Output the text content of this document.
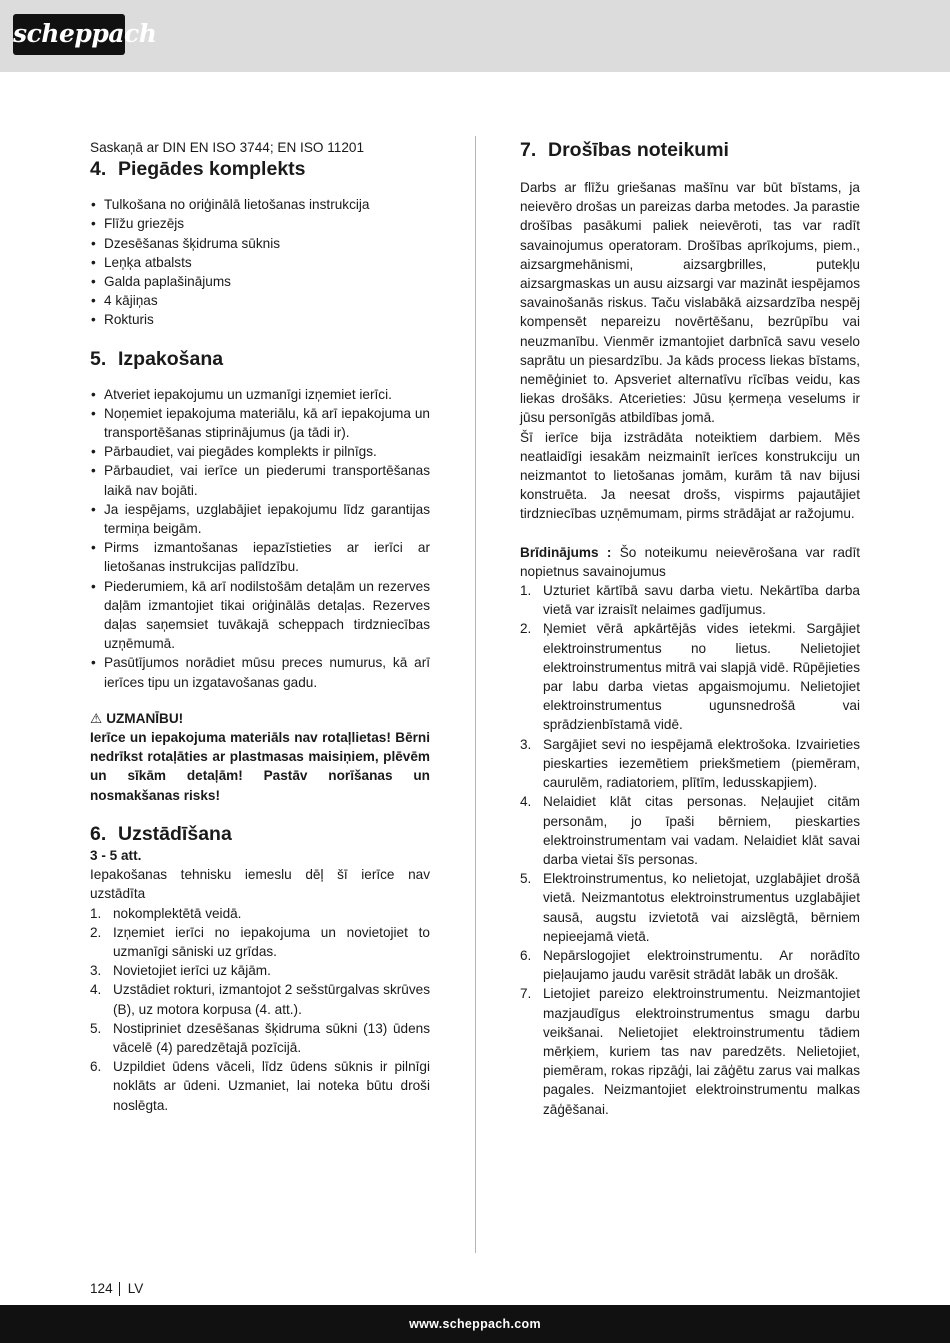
scheppach

Saskaņā ar DIN EN ISO 3744; EN ISO 11201

4. Piegādes komplekts
• Tulkošana no oriģinālā lietošanas instrukcija
• Flīžu griezējs
• Dzesēšanas šķidruma sūknis
• Leņķa atbalsts
• Galda paplašinājums
• 4 kājiņas
• Rokturis
5. Izpakošana
• Atveriet iepakojumu un uzmanīgi izņemiet ierīci.
• Noņemiet iepakojuma materiālu, kā arī iepakojuma un transportēšanas stiprinājumus (ja tādi ir).
• Pārbaudiet, vai piegādes komplekts ir pilnīgs.
• Pārbaudiet, vai ierīce un piederumi transportēšanas laikā nav bojāti.
• Ja iespējams, uzglabājiet iepakojumu līdz garantijas termiņa beigām.
• Pirms izmantošanas iepazīstieties ar ierīci ar lietošanas instrukcijas palīdzību.
• Piederumiem, kā arī nodilstošām detaļām un rezerves daļām izmantojiet tikai oriģinālās detaļas. Rezerves daļas saņemsiet tuvākajā scheppach tirdzniecības uzņēmumā.
• Pasūtījumos norādiet mūsu preces numurus, kā arī ierīces tipu un izgatavošanas gadu.

⚠ UZMANĪBU!

Ierīce un iepakojuma materiāls nav rotaļlietas! Bērni nedrīkst rotaļāties ar plastmasas maisiņiem, plēvēm un sīkām detaļām! Pastāv norīšanas un nosmakšanas risks!

6. Uzstādīšana

3 - 5 att.

Iepakošanas tehnisku iemeslu dēļ šī ierīce nav uzstādīta

1. nokomplektētā veidā.
2. Izņemiet ierīci no iepakojuma un novietojiet to uzmanīgi sāniski uz grīdas.
3. Novietojiet ierīci uz kājām.
4. Uzstādiet rokturi, izmantojot 2 sešstūrgalvas skrūves (B), uz motora korpusa (4. att.).
5. Nostipriniet dzesēšanas šķidruma sūkni (13) ūdens vācelē (4) paredzētajā pozīcijā.
6. Uzpildiet ūdens vāceli, līdz ūdens sūknis ir pilnīgi noklāts ar ūdeni. Uzmaniet, lai noteka būtu droši noslēgta.
7. Drošības noteikumi

Darbs ar flīžu griešanas mašīnu var būt bīstams, ja neievēro drošas un pareizas darba metodes. Ja parastie drošības pasākumi paliek neievēroti, tas var radīt savainojumus operatoram. Drošības aprīkojums, piem., aizsargmehānismi, aizsargbrilles, putekļu aizsargmaskas un ausu aizsargi var mazināt iespējamos savainošanās riskus. Taču vislabākā aizsardzība nespēj kompensēt nepareizu novērtēšanu, bezrūpību vai neuzmanību. Vienmēr izmantojiet darbnīcā savu veselo saprātu un piesardzību. Ja kāds process liekas bīstams, nemēģiniet to. Apsveriet alternatīvu rīcības veidu, kas liekas drošāks. Atcerieties: Jūsu ķermeņa veselums ir jūsu personīgās atbildības jomā.

Šī ierīce bija izstrādāta noteiktiem darbiem. Mēs neatlaidīgi iesakām neizmainīt ierīces konstrukciju un neizmantot to lietošanas jomām, kurām tā nav bijusi konstruēta. Ja neesat drošs, vispirms pajautājiet tirdzniecības uzņēmumam, pirms strādājat ar ražojumu.

Brīdinājums : Šo noteikumu neievērošana var radīt nopietnus savainojumus

1. Uzturiet kārtībā savu darba vietu. Nekārtība darba vietā var izraisīt nelaimes gadījumus.
2. Ņemiet vērā apkārtējās vides ietekmi. Sargājiet elektroinstrumentus no lietus. Nelietojiet elektroinstrumentus mitrā vai slapjā vidē. Rūpējieties par labu darba vietas apgaismojumu. Nelietojiet elektroinstrumentus ugunsnedrošā vai sprādzienbīstamā vidē.
3. Sargājiet sevi no iespējamā elektrošoka. Izvairieties pieskarties iezemētiem priekšmetiem (piemēram, caurulēm, radiatoriem, plītīm, ledusskapjiem).
4. Nelaidiet klāt citas personas. Neļaujiet citām personām, jo īpaši bērniem, pieskarties elektroinstrumentam vai vadam. Nelaidiet klāt savai darba vietai šīs personas.
5. Elektroinstrumentus, ko nelietojat, uzglabājiet drošā vietā. Neizmantotus elektroinstrumentus uzglabājiet sausā, augstu izvietotā vai aizslēgtā, bērniem nepieejamā vietā.
6. Nepārslogojiet elektroinstrumentu. Ar norādīto pieļaujamo jaudu varēsit strādāt labāk un drošāk.
7. Lietojiet pareizo elektroinstrumentu. Neizmantojiet mazjaudīgus elektroinstrumentus smagu darbu veikšanai. Nelietojiet elektroinstrumentu tādiem mērķiem, kuriem tas nav paredzēts. Nelietojiet, piemēram, rokas ripzāģi, lai zāģētu zarus vai malkas pagales. Neizmantojiet elektroinstrumentu malkas zāģēšanai.
124 LV
www.scheppach.com
